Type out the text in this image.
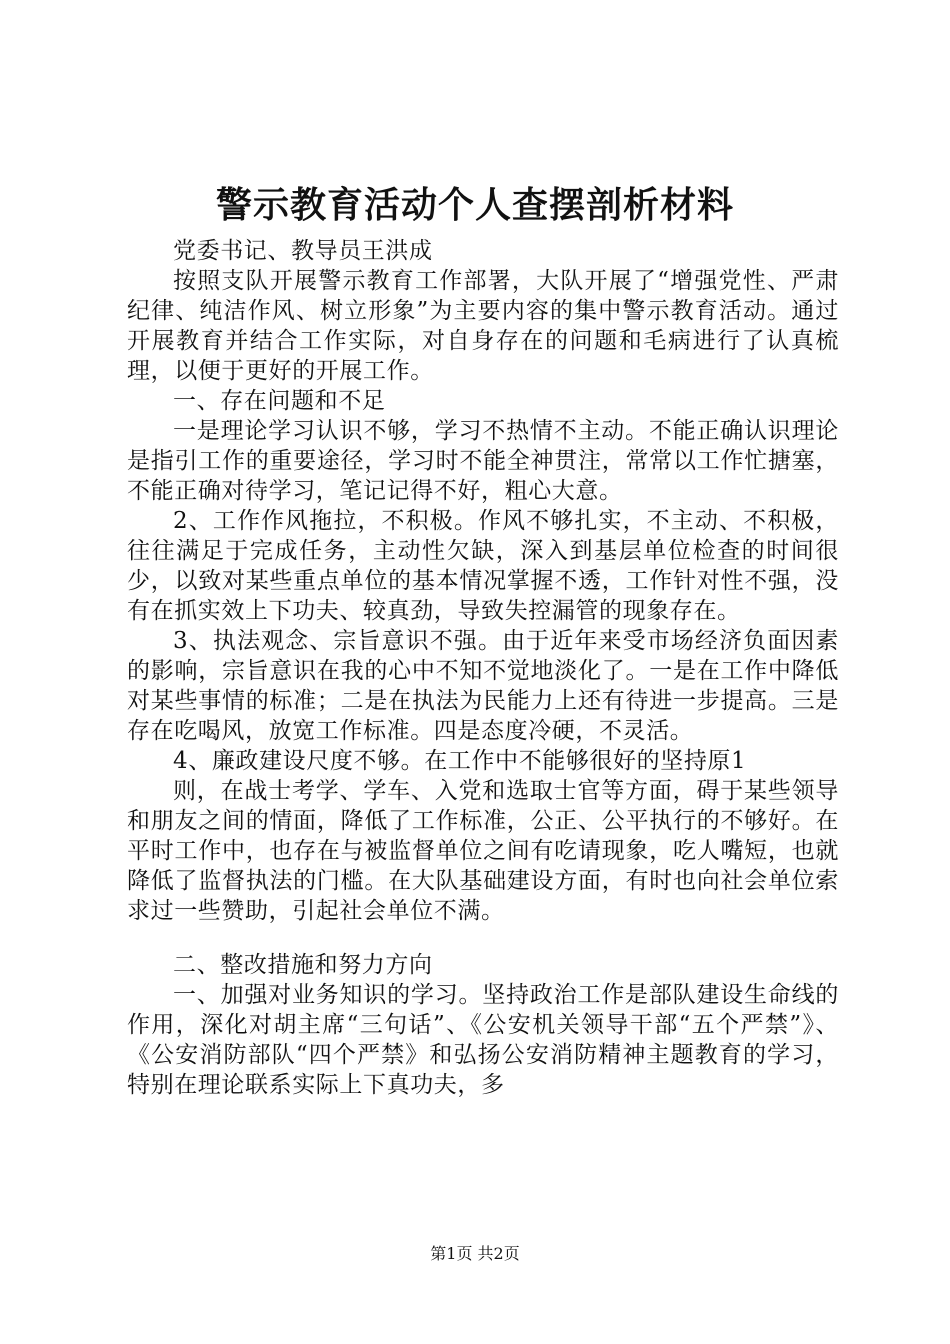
警示教育活动个人查摆剖析材料

党委书记、教导员王洪成

按照支队开展警示教育工作部署，大队开展了“增强党性、严肃纪律、纯洁作风、树立形象”为主要内容的集中警示教育活动。通过开展教育并结合工作实际，对自身存在的问题和毛病进行了认真梳理，以便于更好的开展工作。

一、存在问题和不足

一是理论学习认识不够，学习不热情不主动。不能正确认识理论是指引工作的重要途径，学习时不能全神贯注，常常以工作忙搪塞，不能正确对待学习，笔记记得不好，粗心大意。

2、工作作风拖拉，不积极。作风不够扎实，不主动、不积极，往往满足于完成任务，主动性欠缺，深入到基层单位检查的时间很少，以致对某些重点单位的基本情况掌握不透，工作针对性不强，没有在抓实效上下功夫、较真劲，导致失控漏管的现象存在。

3、执法观念、宗旨意识不强。由于近年来受市场经济负面因素的影响，宗旨意识在我的心中不知不觉地淡化了。一是在工作中降低对某些事情的标准；二是在执法为民能力上还有待进一步提高。三是存在吃喝风，放宽工作标准。四是态度冷硬，不灵活。

4、廉政建设尺度不够。在工作中不能够很好的坚持原1

则，在战士考学、学车、入党和选取士官等方面，碍于某些领导和朋友之间的情面，降低了工作标准，公正、公平执行的不够好。在平时工作中，也存在与被监督单位之间有吃请现象，吃人嘴短，也就降低了监督执法的门槛。在大队基础建设方面，有时也向社会单位索求过一些赞助，引起社会单位不满。

二、整改措施和努力方向

一、加强对业务知识的学习。坚持政治工作是部队建设生命线的作用，深化对胡主席“三句话”、《公安机关领导干部“五个严禁”》、《公安消防部队“四个严禁》和弘扬公安消防精神主题教育的学习，特别在理论联系实际上下真功夫，多

第1页 共2页
